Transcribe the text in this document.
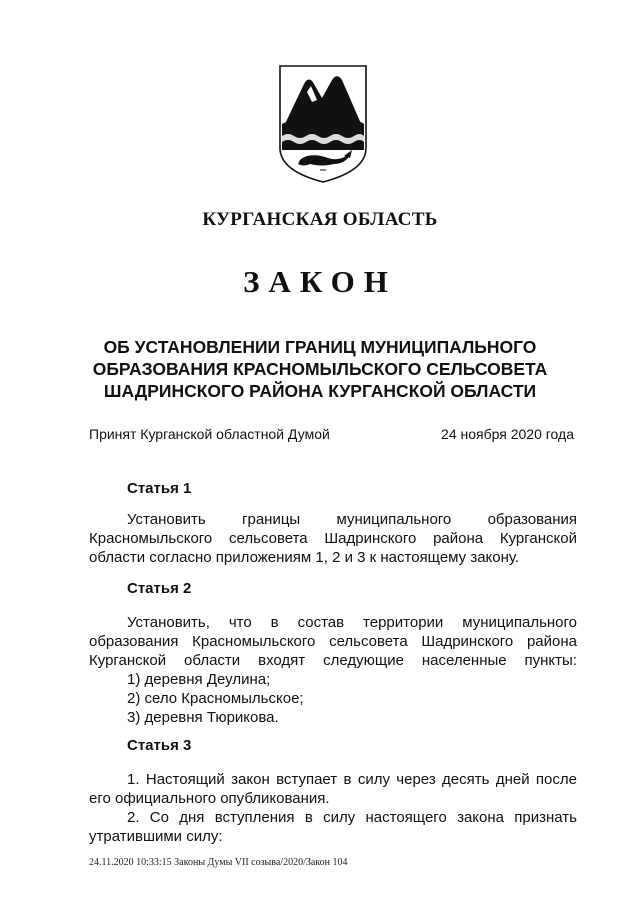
КУРГАНСКАЯ ОБЛАСТЬ
ЗАКОН
ОБ УСТАНОВЛЕНИИ ГРАНИЦ МУНИЦИПАЛЬНОГО
ОБРАЗОВАНИЯ КРАСНОМЫЛЬСКОГО СЕЛЬСОВЕТА
ШАДРИНСКОГО РАЙОНА КУРГАНСКОЙ ОБЛАСТИ
Принят Курганской областной Думой	24 ноября 2020 года
Статья 1
Установить границы муниципального образования
Красномыльского сельсовета Шадринского района Курганской
области согласно приложениям 1, 2 и 3 к настоящему закону.
Статья 2
Установить, что в состав территории муниципального
образования Красномыльского сельсовета Шадринского района
Курганской области входят следующие населенные пункты:
1) деревня Деулина;
2) село Красномыльское;
3) деревня Тюрикова.
Статья 3
1. Настоящий закон вступает в силу через десять дней после
его официального опубликования.
2. Со дня вступления в силу настоящего закона признать
утратившими силу:
24.11.2020 10:33:15 Законы Думы VII созыва/2020/Закон 104
